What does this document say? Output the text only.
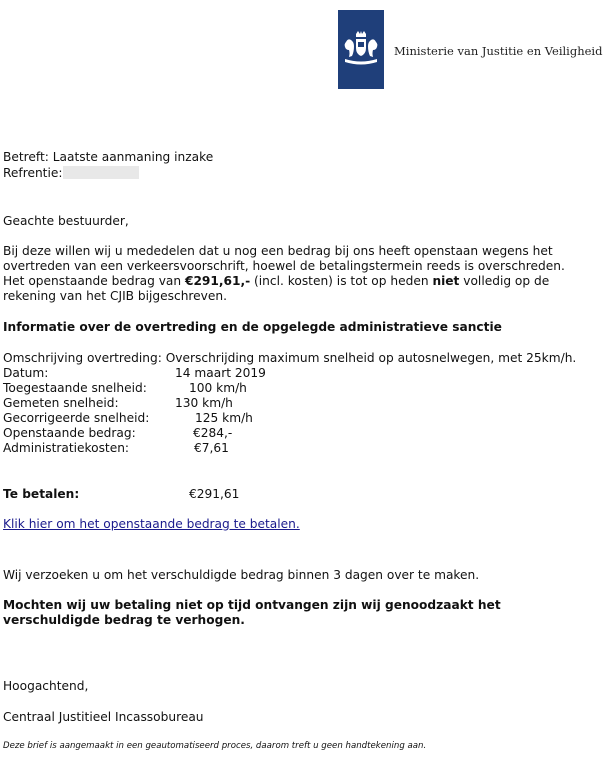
Ministerie van Justitie en Veiligheid
Betreft: Laatste aanmaning inzake
Refrentie:
Geachte bestuurder,
Bij deze willen wij u mededelen dat u nog een bedrag bij ons heeft openstaan wegens het
overtreden van een verkeersvoorschrift, hoewel de betalingstermein reeds is overschreden.
Het openstaande bedrag van €291,61,- (incl. kosten) is tot op heden niet volledig op de
rekening van het CJIB bijgeschreven.
Informatie over de overtreding en de opgelegde administratieve sanctie
Omschrijving overtreding: Overschrijding maximum snelheid op autosnelwegen, met 25km/h.
Datum:	14 maart 2019
Toegestaande snelheid:	100 km/h
Gemeten snelheid:	130 km/h
Gecorrigeerde snelheid:	125 km/h
Openstaande bedrag:	€284,-
Administratiekosten:	€7,61
Te betalen:	€291,61
Klik hier om het openstaande bedrag te betalen.
Wij verzoeken u om het verschuldigde bedrag binnen 3 dagen over te maken.
Mochten wij uw betaling niet op tijd ontvangen zijn wij genoodzaakt het
verschuldigde bedrag te verhogen.
Hoogachtend,
Centraal Justitieel Incassobureau
Deze brief is aangemaakt in een geautomatiseerd proces, daarom treft u geen handtekening aan.
